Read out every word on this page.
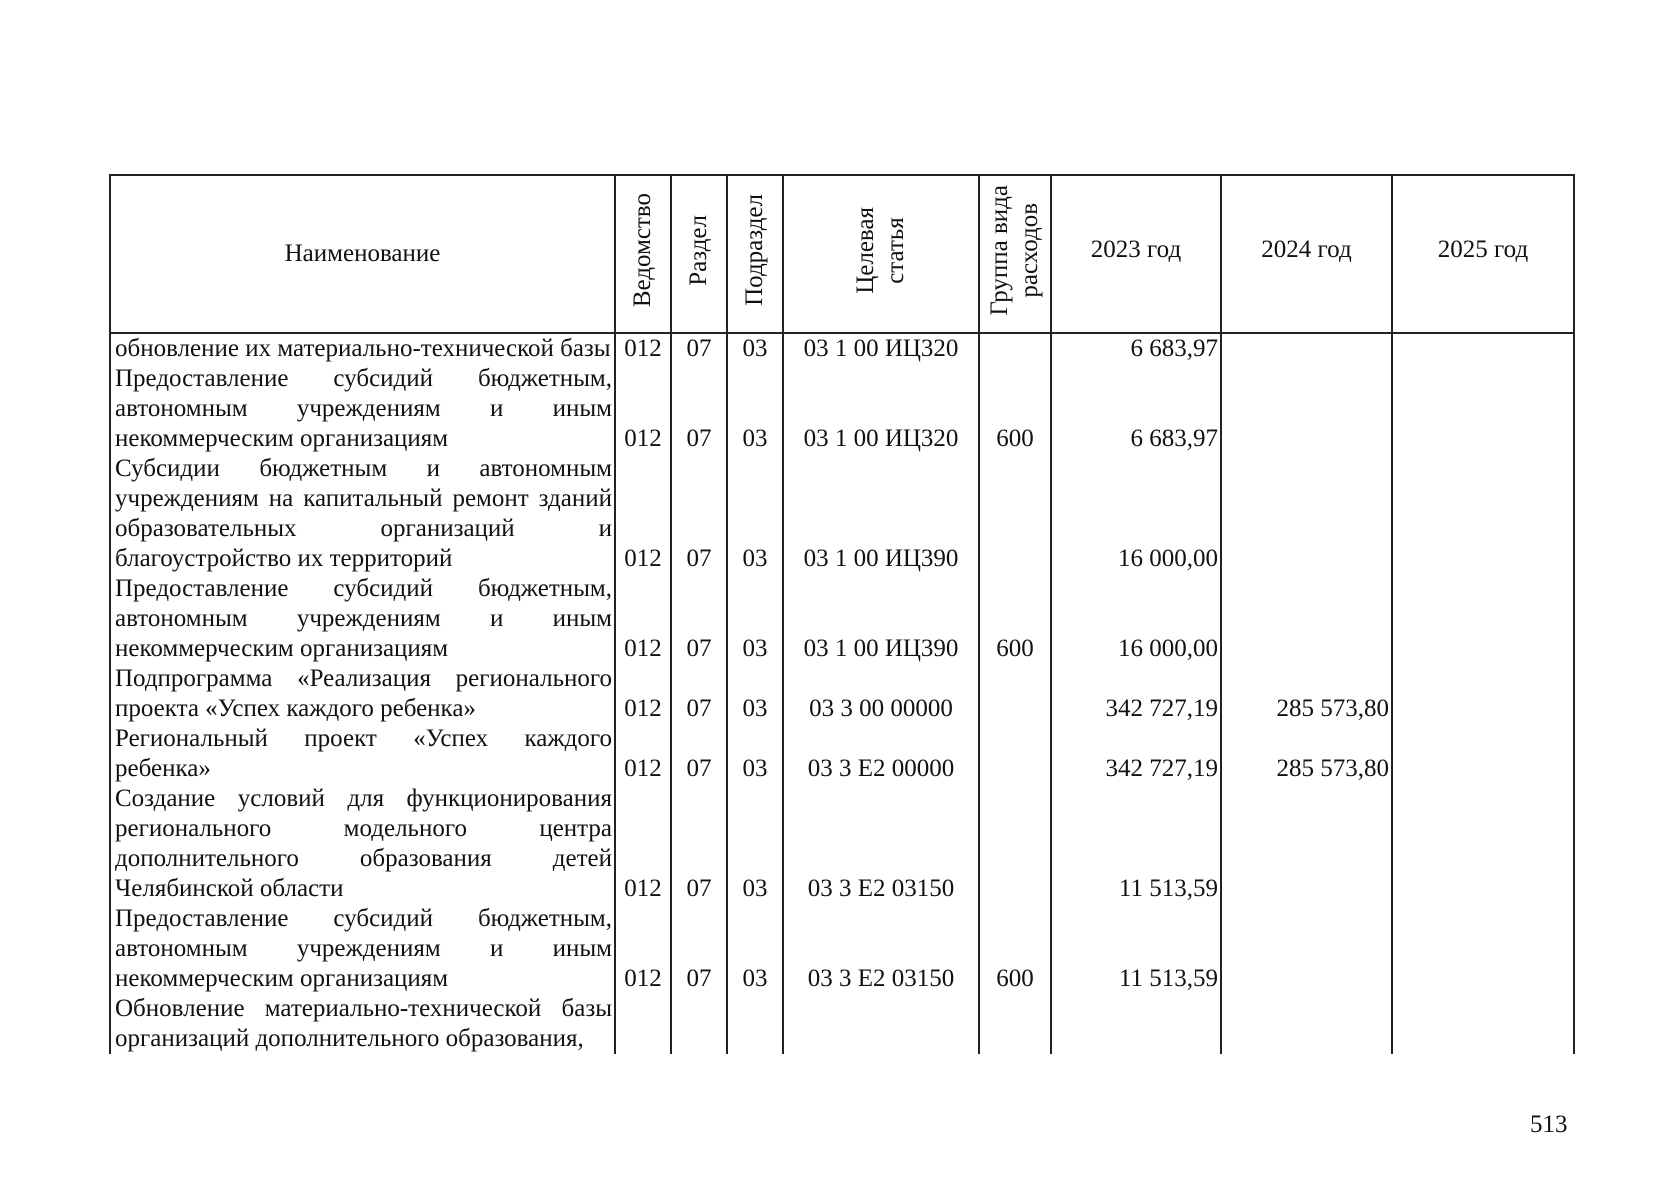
Наименование	Ведомство	Раздел	Подраздел	Целевая статья	Группа вида расходов	2023 год	2024 год	2025 год

обновление их материально-технической базы	012	07	03	03 1 00 ИЦ320		6 683,97		
Предоставление субсидий бюджетным, автономным учреждениям и иным некоммерческим организациям	012	07	03	03 1 00 ИЦ320	600	6 683,97		
Субсидии бюджетным и автономным учреждениям на капитальный ремонт зданий образовательных организаций и благоустройство их территорий	012	07	03	03 1 00 ИЦ390		16 000,00		
Предоставление субсидий бюджетным, автономным учреждениям и иным некоммерческим организациям	012	07	03	03 1 00 ИЦ390	600	16 000,00		
Подпрограмма «Реализация регионального проекта «Успех каждого ребенка»	012	07	03	03 3 00 00000		342 727,19	285 573,80	
Региональный проект «Успех каждого ребенка»	012	07	03	03 3 Е2 00000		342 727,19	285 573,80	
Создание условий для функционирования регионального модельного центра дополнительного образования детей Челябинской области	012	07	03	03 3 Е2 03150		11 513,59		
Предоставление субсидий бюджетным, автономным учреждениям и иным некоммерческим организациям	012	07	03	03 3 Е2 03150	600	11 513,59		
Обновление материально-технической базы организаций дополнительного образования,								
513
